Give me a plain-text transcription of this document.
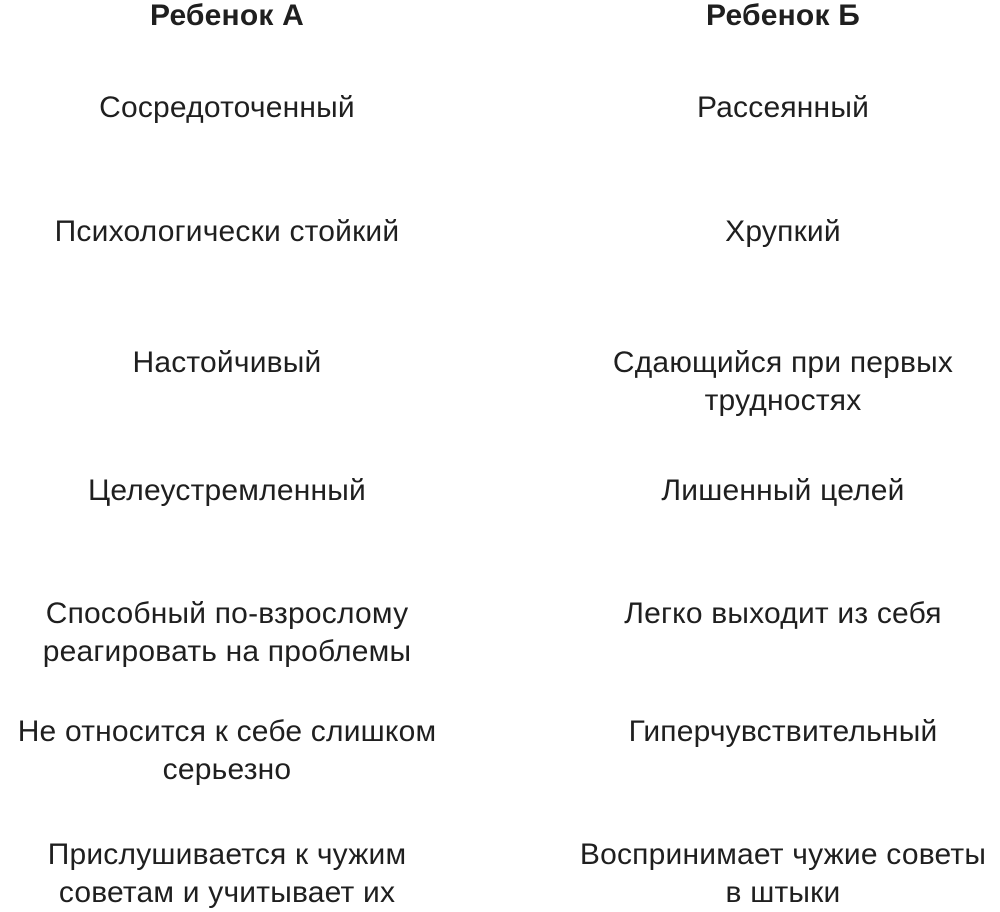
Ребенок А
Сосредоточенный
Психологически стойкий
Настойчивый
Целеустремленный
Способный по-взрослому
реагировать на проблемы
Не относится к себе слишком
серьезно
Прислушивается к чужим
советам и учитывает их
Ребенок Б
Рассеянный
Хрупкий
Сдающийся при первых
трудностях
Лишенный целей
Легко выходит из себя
Гиперчувствительный
Воспринимает чужие советы
в штыки
